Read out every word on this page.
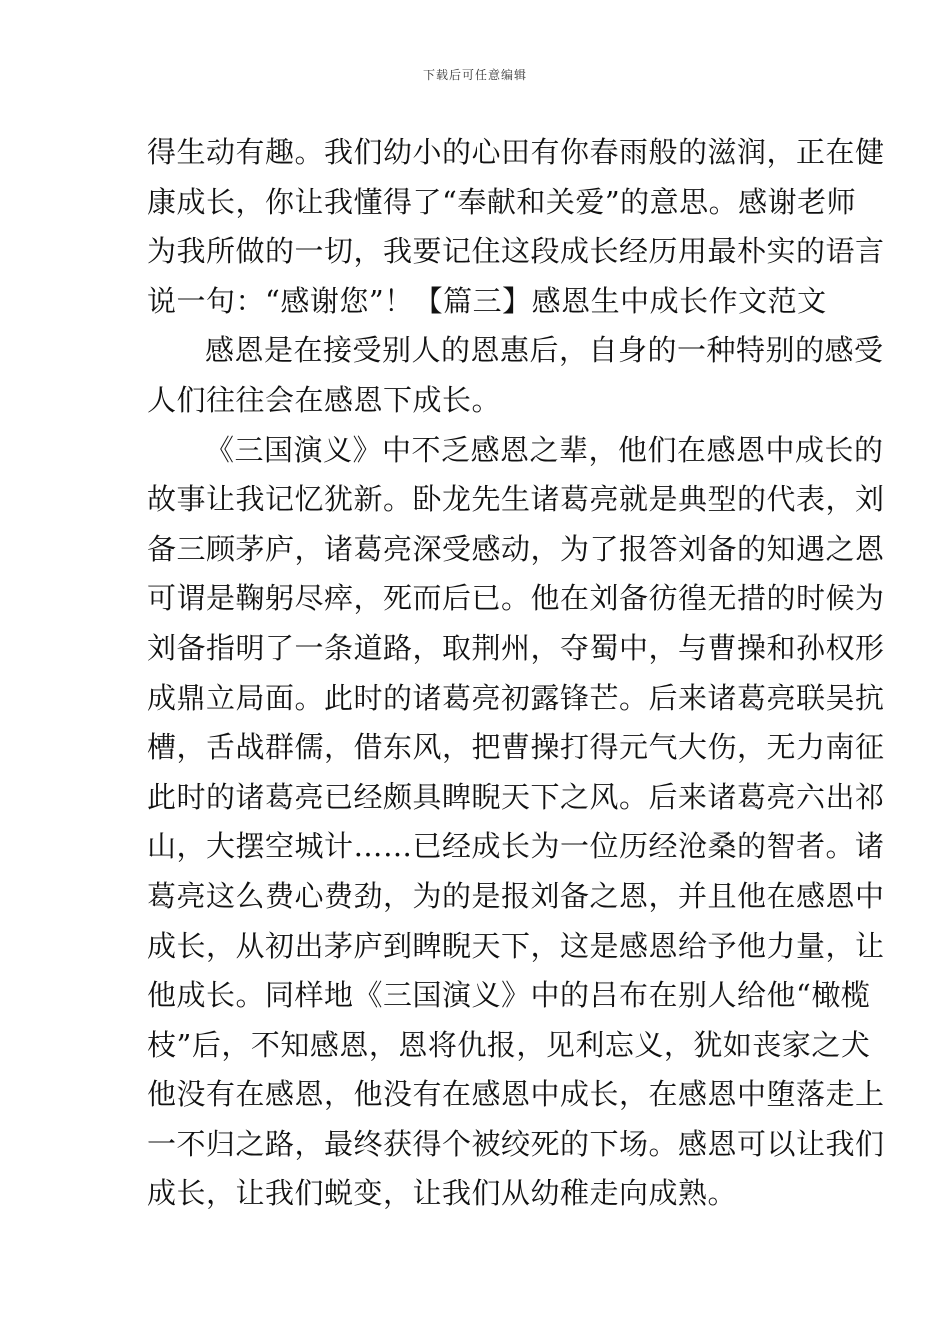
下载后可任意编辑
得生动有趣。我们幼小的心田有你春雨般的滋润，正在健
康成长，你让我懂得了“奉献和关爱”的意思。感谢老师
为我所做的一切，我要记住这段成长经历用最朴实的语言
说一句：“感谢您”！【篇三】感恩生中成长作文范文
感恩是在接受别人的恩惠后，自身的一种特别的感受
人们往往会在感恩下成长。
《三国演义》中不乏感恩之辈，他们在感恩中成长的
故事让我记忆犹新。卧龙先生诸葛亮就是典型的代表，刘
备三顾茅庐，诸葛亮深受感动，为了报答刘备的知遇之恩
可谓是鞠躬尽瘁，死而后已。他在刘备彷徨无措的时候为
刘备指明了一条道路，取荆州，夺蜀中，与曹操和孙权形
成鼎立局面。此时的诸葛亮初露锋芒。后来诸葛亮联吴抗
槽，舌战群儒，借东风，把曹操打得元气大伤，无力南征
此时的诸葛亮已经颇具睥睨天下之风。后来诸葛亮六出祁
山，大摆空城计……已经成长为一位历经沧桑的智者。诸
葛亮这么费心费劲，为的是报刘备之恩，并且他在感恩中
成长，从初出茅庐到睥睨天下，这是感恩给予他力量，让
他成长。同样地《三国演义》中的吕布在别人给他“橄榄
枝”后，不知感恩，恩将仇报，见利忘义，犹如丧家之犬
他没有在感恩，他没有在感恩中成长，在感恩中堕落走上
一不归之路，最终获得个被绞死的下场。感恩可以让我们
成长，让我们蜕变，让我们从幼稚走向成熟。
